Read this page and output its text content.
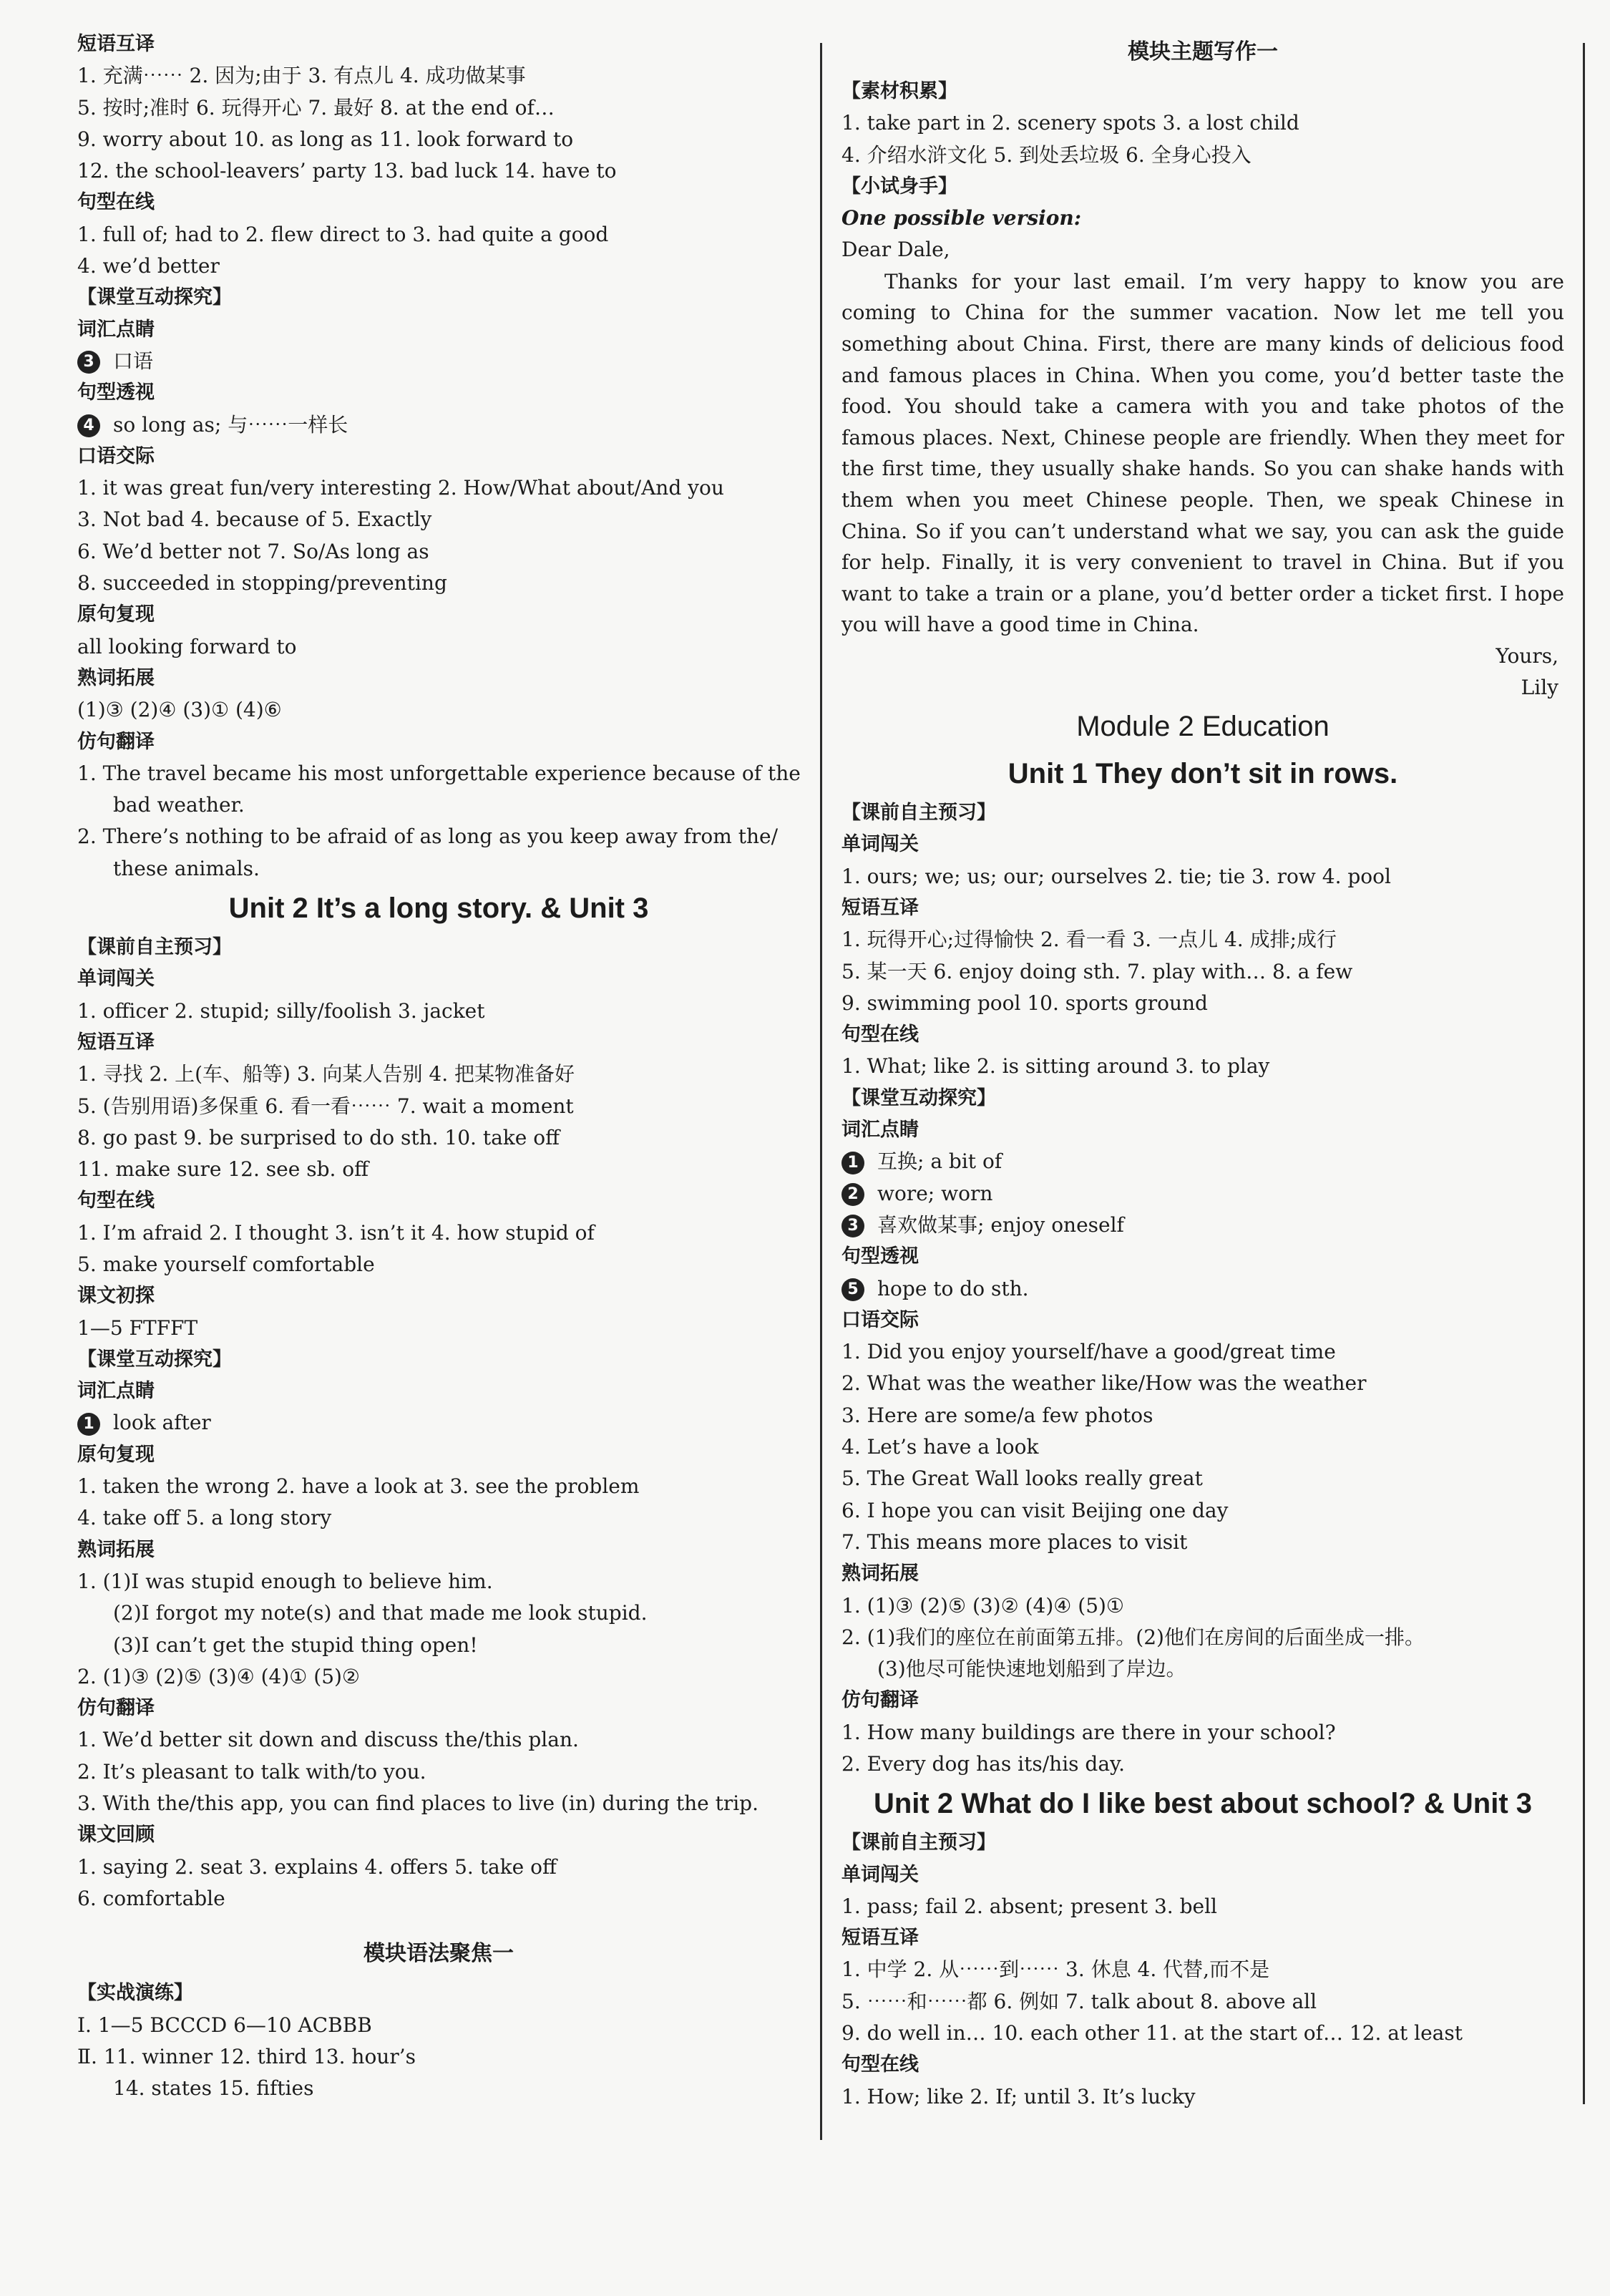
短语互译
1. 充满⋯⋯ 2. 因为;由于 3. 有点儿 4. 成功做某事
5. 按时;准时 6. 玩得开心 7. 最好 8. at the end of…
9. worry about 10. as long as 11. look forward to
12. the school-leavers’ party 13. bad luck 14. have to
句型在线
1. full of; had to 2. flew direct to 3. had quite a good
4. we’d better
【课堂互动探究】
词汇点睛
3 口语
句型透视
4 so long as; 与⋯⋯一样长
口语交际
1. it was great fun/very interesting 2. How/What about/And you
3. Not bad 4. because of 5. Exactly
6. We’d better not 7. So/As long as
8. succeeded in stopping/preventing
原句复现
all looking forward to
熟词拓展
(1)③ (2)④ (3)① (4)⑥
仿句翻译
1. The travel became his most unforgettable experience because of the
bad weather.
2. There’s nothing to be afraid of as long as you keep away from the/
these animals.
Unit 2 It’s a long story. & Unit 3
【课前自主预习】
单词闯关
1. officer 2. stupid; silly/foolish 3. jacket
短语互译
1. 寻找 2. 上(车、船等) 3. 向某人告别 4. 把某物准备好
5. (告别用语)多保重 6. 看一看⋯⋯ 7. wait a moment
8. go past 9. be surprised to do sth. 10. take off
11. make sure 12. see sb. off
句型在线
1. I’m afraid 2. I thought 3. isn’t it 4. how stupid of
5. make yourself comfortable
课文初探
1—5 FTFFT
【课堂互动探究】
词汇点睛
1 look after
原句复现
1. taken the wrong 2. have a look at 3. see the problem
4. take off 5. a long story
熟词拓展
1. (1)I was stupid enough to believe him.
(2)I forgot my note(s) and that made me look stupid.
(3)I can’t get the stupid thing open!
2. (1)③ (2)⑤ (3)④ (4)① (5)②
仿句翻译
1. We’d better sit down and discuss the/this plan.
2. It’s pleasant to talk with/to you.
3. With the/this app, you can find places to live (in) during the trip.
课文回顾
1. saying 2. seat 3. explains 4. offers 5. take off
6. comfortable
模块语法聚焦一
【实战演练】
Ⅰ. 1—5 BCCCD 6—10 ACBBB
Ⅱ. 11. winner 12. third 13. hour’s
14. states 15. fifties
模块主题写作一
【素材积累】
1. take part in 2. scenery spots 3. a lost child
4. 介绍水浒文化 5. 到处丢垃圾 6. 全身心投入
【小试身手】
One possible version:
Dear Dale,
Thanks for your last email. I’m very happy to know you are coming to China for the summer vacation. Now let me tell you something about China. First, there are many kinds of delicious food and famous places in China. When you come, you’d better taste the food. You should take a camera with you and take photos of the famous places. Next, Chinese people are friendly. When they meet for the first time, they usually shake hands. So you can shake hands with them when you meet Chinese people. Then, we speak Chinese in China. So if you can’t understand what we say, you can ask the guide for help. Finally, it is very convenient to travel in China. But if you want to take a train or a plane, you’d better order a ticket first. I hope you will have a good time in China.
Yours,
Lily
Module 2 Education
Unit 1 They don’t sit in rows.
【课前自主预习】
单词闯关
1. ours; we; us; our; ourselves 2. tie; tie 3. row 4. pool
短语互译
1. 玩得开心;过得愉快 2. 看一看 3. 一点儿 4. 成排;成行
5. 某一天 6. enjoy doing sth. 7. play with… 8. a few
9. swimming pool 10. sports ground
句型在线
1. What; like 2. is sitting around 3. to play
【课堂互动探究】
词汇点睛
1 互换; a bit of
2 wore; worn
3 喜欢做某事; enjoy oneself
句型透视
5 hope to do sth.
口语交际
1. Did you enjoy yourself/have a good/great time
2. What was the weather like/How was the weather
3. Here are some/a few photos
4. Let’s have a look
5. The Great Wall looks really great
6. I hope you can visit Beijing one day
7. This means more places to visit
熟词拓展
1. (1)③ (2)⑤ (3)② (4)④ (5)①
2. (1)我们的座位在前面第五排。(2)他们在房间的后面坐成一排。
(3)他尽可能快速地划船到了岸边。
仿句翻译
1. How many buildings are there in your school?
2. Every dog has its/his day.
Unit 2 What do I like best about school? & Unit 3
【课前自主预习】
单词闯关
1. pass; fail 2. absent; present 3. bell
短语互译
1. 中学 2. 从⋯⋯到⋯⋯ 3. 休息 4. 代替,而不是
5. ⋯⋯和⋯⋯都 6. 例如 7. talk about 8. above all
9. do well in… 10. each other 11. at the start of… 12. at least
句型在线
1. How; like 2. If; until 3. It’s lucky
